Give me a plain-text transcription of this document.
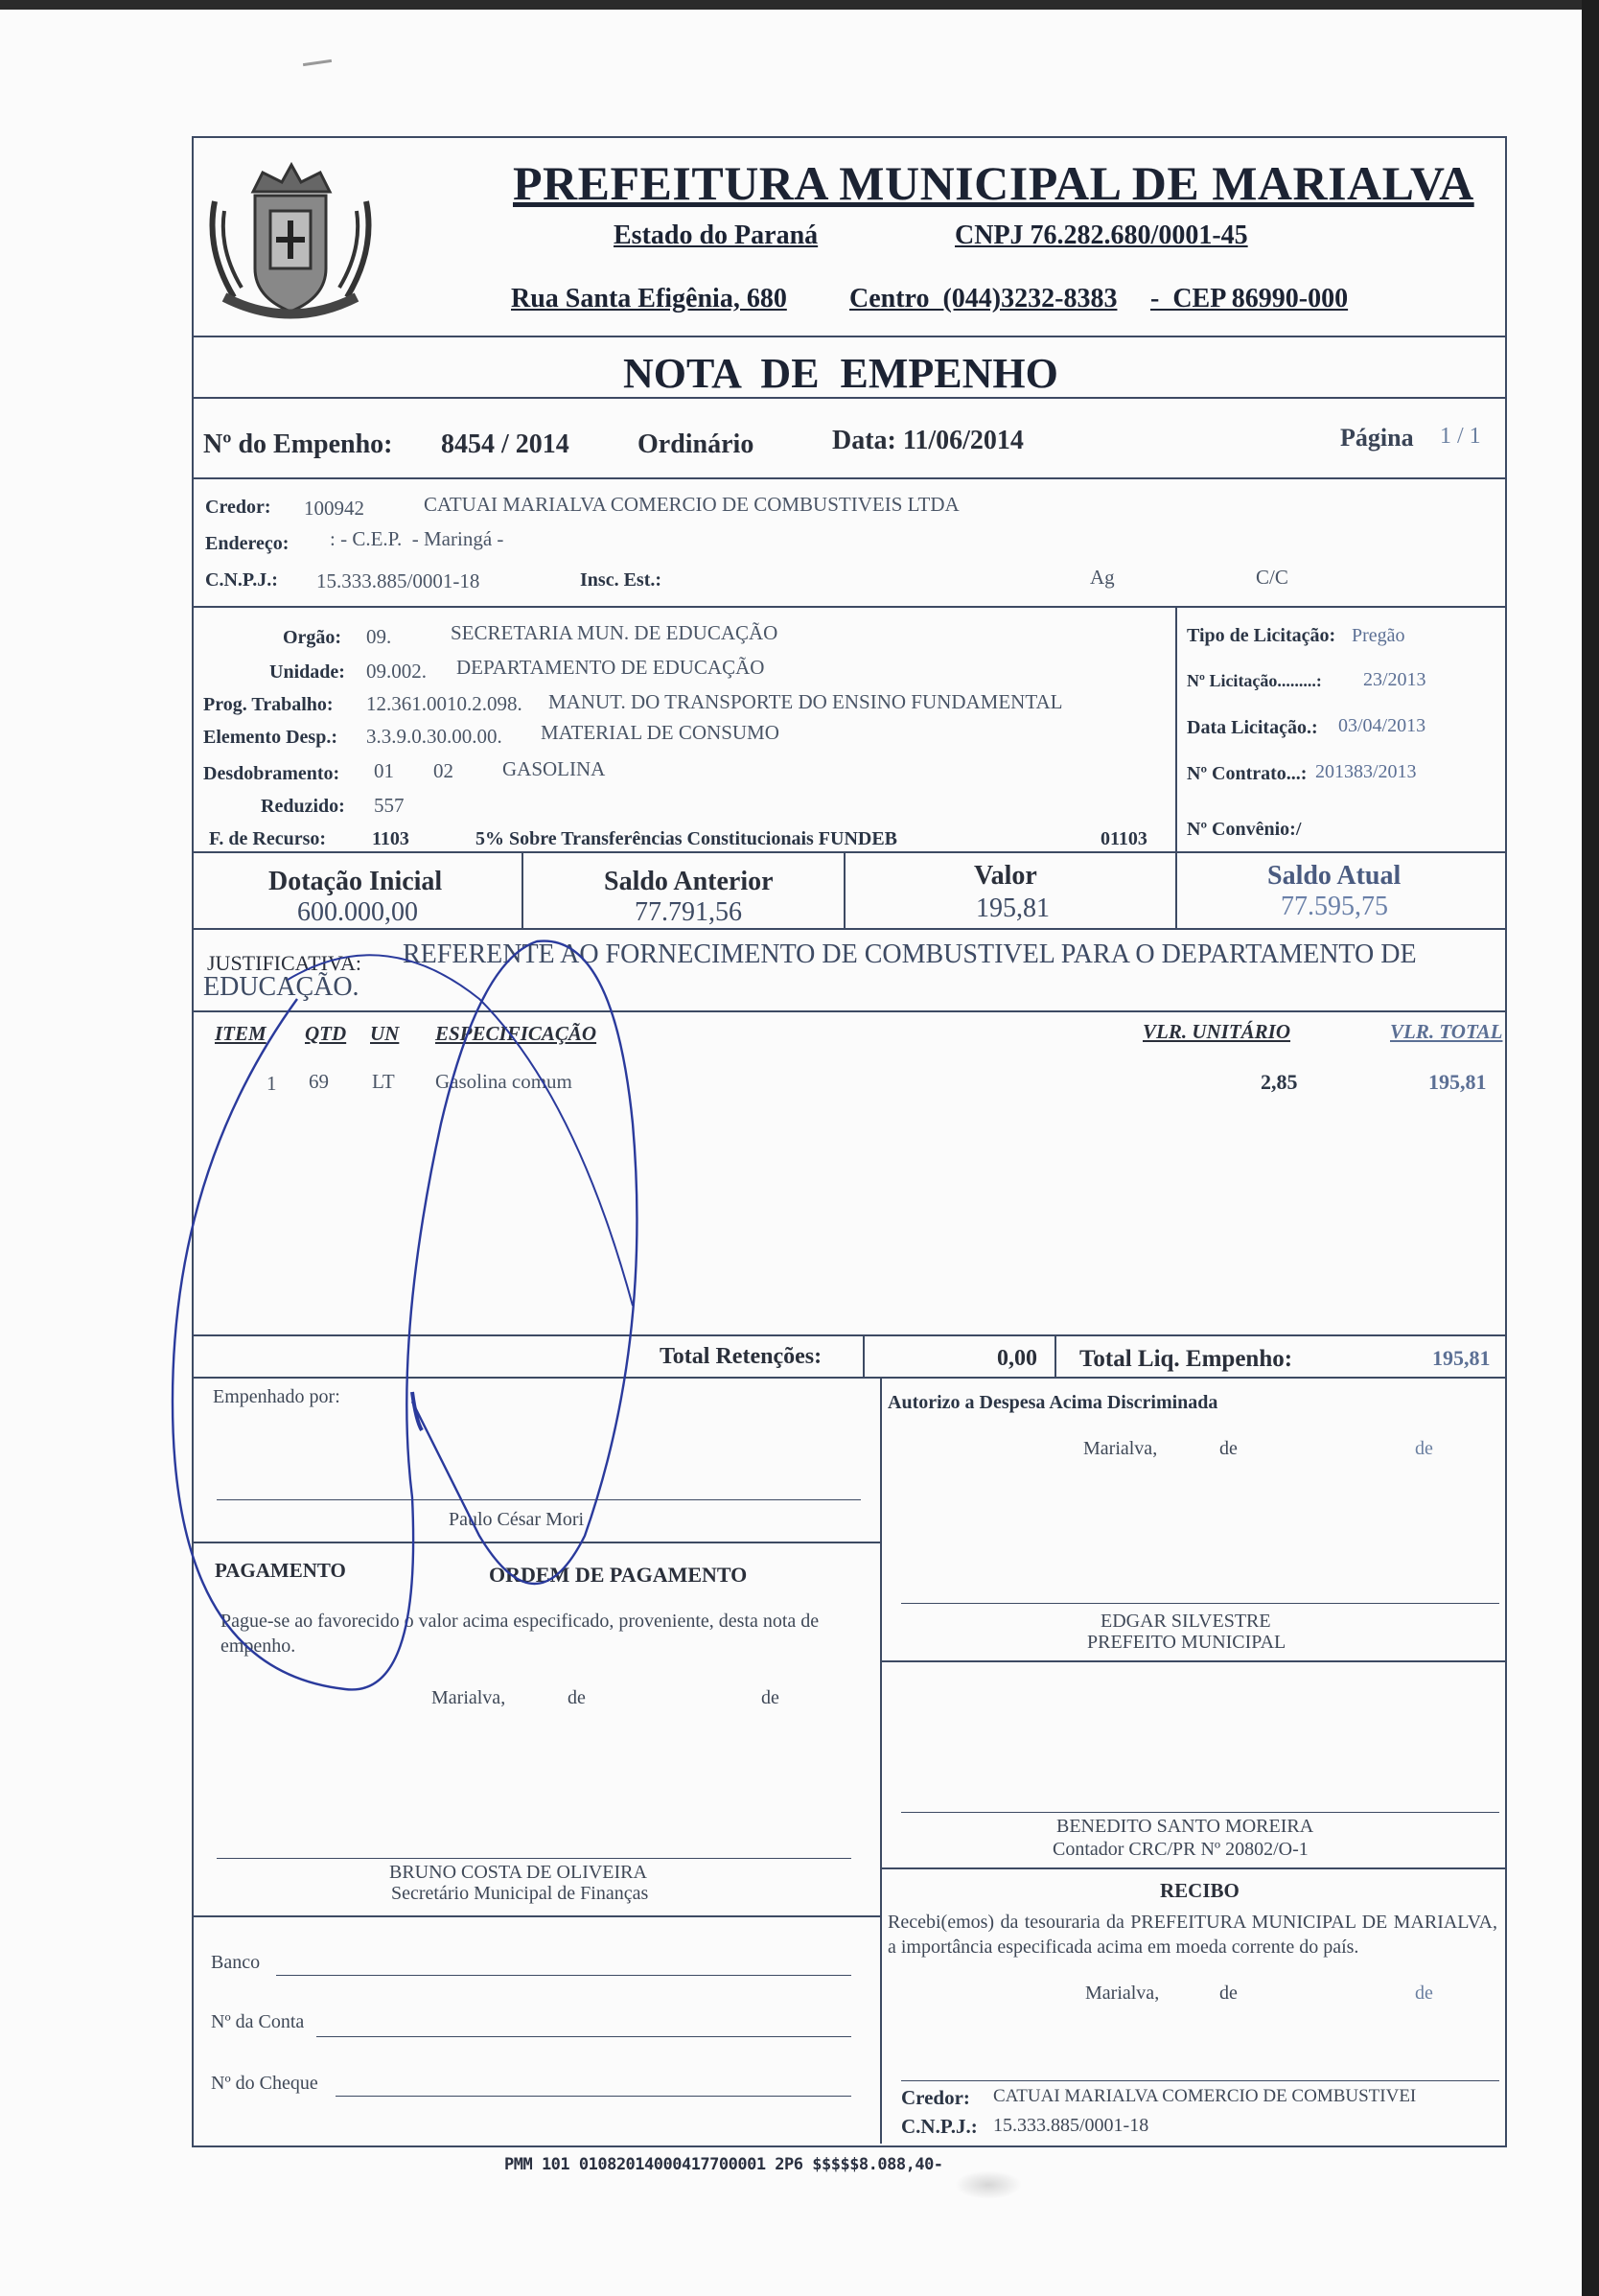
PREFEITURA MUNICIPAL DE MARIALVA
Estado do Paraná	CNPJ 76.282.680/0001-45
Rua Santa Efigênia, 680 Centro  (044)3232-8383 -  CEP 86990-000
NOTA  DE  EMPENHO
Nº do Empenho: 8454 / 2014	Ordinário	Data: 11/06/2014	Página 1 / 1
Credor: 100942	CATUAI MARIALVA COMERCIO DE COMBUSTIVEIS LTDA
Endereço: : - C.E.P.  - Maringá -
C.N.P.J.: 15.333.885/0001-18	Insc. Est.:	Ag	C/C
Orgão: 09.	SECRETARIA MUN. DE EDUCAÇÃO
Unidade: 09.002. DEPARTAMENTO DE EDUCAÇÃO
Prog. Trabalho: 12.361.0010.2.098. MANUT. DO TRANSPORTE DO ENSINO FUNDAMENTAL
Elemento Desp.: 3.3.9.0.30.00.00. MATERIAL DE CONSUMO
Desdobramento: 01 02 GASOLINA
Reduzido: 557
F. de Recurso: 1103	5% Sobre Transferências Constitucionais FUNDEB	01103
Tipo de Licitação: Pregão
Nº Licitação.........: 23/2013
Data Licitação.: 03/04/2013
Nº Contrato...: 201383/2013
Nº Convênio:/
Dotação Inicial
600.000,00
Saldo Anterior
77.791,56
Valor
195,81
Saldo Atual
77.595,75
JUSTIFICATIVA: REFERENTE AO FORNECIMENTO DE COMBUSTIVEL PARA O DEPARTAMENTO DE
EDUCAÇÃO.
ITEM QTD UN ESPECIFICAÇÃO	VLR. UNITÁRIO	VLR. TOTAL
1 69 LT Gasolina comum	2,85	195,81
Total Retenções:	0,00 Total Liq. Empenho:	195,81
Empenhado por:
Paulo César Mori
Autorizo a Despesa Acima Discriminada
Marialva,	de	de
EDGAR SILVESTRE
PREFEITO MUNICIPAL
PAGAMENTO	ORDEM DE PAGAMENTO
Pague-se ao favorecido o valor acima especificado, proveniente, desta nota de empenho.
Marialva,	de	de
BENEDITO SANTO MOREIRA
Contador CRC/PR Nº 20802/O-1
BRUNO COSTA DE OLIVEIRA
Secretário Municipal de Finanças	RECIBO
Recebi(emos) da tesouraria da PREFEITURA MUNICIPAL DE MARIALVA, a importância especificada acima em moeda corrente do país.
Marialva,	de	de
Banco
Nº da Conta
Nº do Cheque
Credor: CATUAI MARIALVA COMERCIO DE COMBUSTIVEI
C.N.P.J.: 15.333.885/0001-18
PMM 101 01082014000417700001 2P6 $$$$$8.088,40-
